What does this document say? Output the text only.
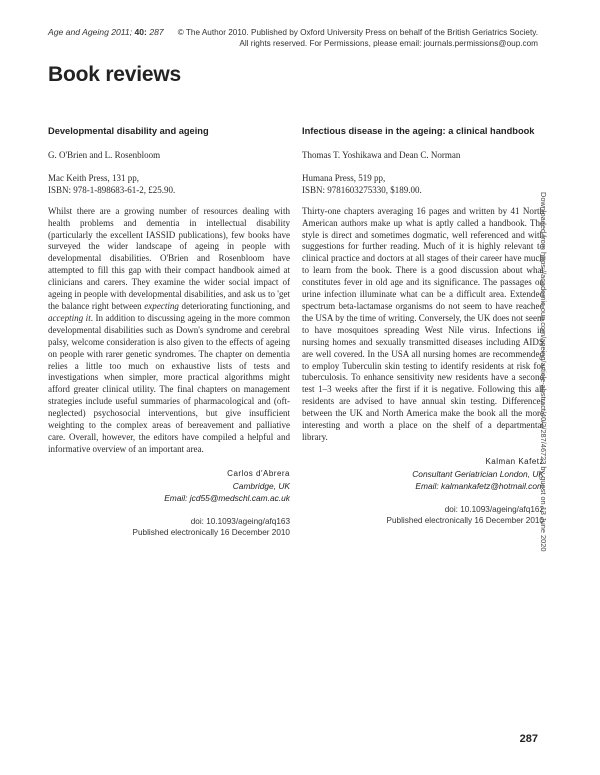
Age and Ageing 2011; 40: 287	© The Author 2010. Published by Oxford University Press on behalf of the British Geriatrics Society.
All rights reserved. For Permissions, please email: journals.permissions@oup.com
Book reviews
Developmental disability and ageing
G. O'Brien and L. Rosenbloom
Mac Keith Press, 131 pp,
ISBN: 978-1-898683-61-2, £25.90.
Whilst there are a growing number of resources dealing with health problems and dementia in intellectual disability (particularly the excellent IASSID publications), few books have surveyed the wider landscape of ageing in people with developmental disabilities. O'Brien and Rosenbloom have attempted to fill this gap with their compact handbook aimed at clinicians and carers. They examine the wider social impact of ageing in people with developmental disabilities, and ask us to 'get the balance right between expecting deteriorating functioning, and accepting it. In addition to discussing ageing in the more common developmental disabilities such as Down's syndrome and cerebral palsy, welcome consideration is also given to the effects of ageing on people with rarer genetic syndromes. The chapter on dementia relies a little too much on exhaustive lists of tests and investigations when simpler, more practical algorithms might afford greater clinical utility. The final chapters on management strategies include useful summaries of pharmacological and (oft-neglected) psychosocial interventions, but give insufficient weighting to the complex areas of bereavement and palliative care. Overall, however, the editors have compiled a helpful and informative overview of an important area.
Carlos d'Abrera
Cambridge, UK
Email: jcd55@medschl.cam.ac.uk
doi: 10.1093/ageing/afq163
Published electronically 16 December 2010
Infectious disease in the ageing: a clinical handbook
Thomas T. Yoshikawa and Dean C. Norman
Humana Press, 519 pp,
ISBN: 9781603275330, $189.00.
Thirty-one chapters averaging 16 pages and written by 41 North American authors make up what is aptly called a handbook. The style is direct and sometimes dogmatic, well referenced and with suggestions for further reading. Much of it is highly relevant to clinical practice and doctors at all stages of their career have much to learn from the book. There is a good discussion about what constitutes fever in old age and its significance. The passages on urine infection illuminate what can be a difficult area. Extended spectrum beta-lactamase organisms do not seem to have reached the USA by the time of writing. Conversely, the UK does not seem to have mosquitoes spreading West Nile virus. Infections in nursing homes and sexually transmitted diseases including AIDS are well covered. In the USA all nursing homes are recommended to employ Tuberculin skin testing to identify residents at risk for tuberculosis. To enhance sensitivity new residents have a second test 1–3 weeks after the first if it is negative. Following this all residents are advised to have annual skin testing. Differences between the UK and North America make the book all the more interesting and worth a place on the shelf of a departmental library.
Kalman Kafetz
Consultant Geriatrician London, UK
Email: kalmankafetz@hotmail.com
doi: 10.1093/ageing/afq162
Published electronically 16 December 2010
Downloaded from https://academic.oup.com/ageing/article-abstract/40/2/287/46723 by guest on 13 June 2020
287
